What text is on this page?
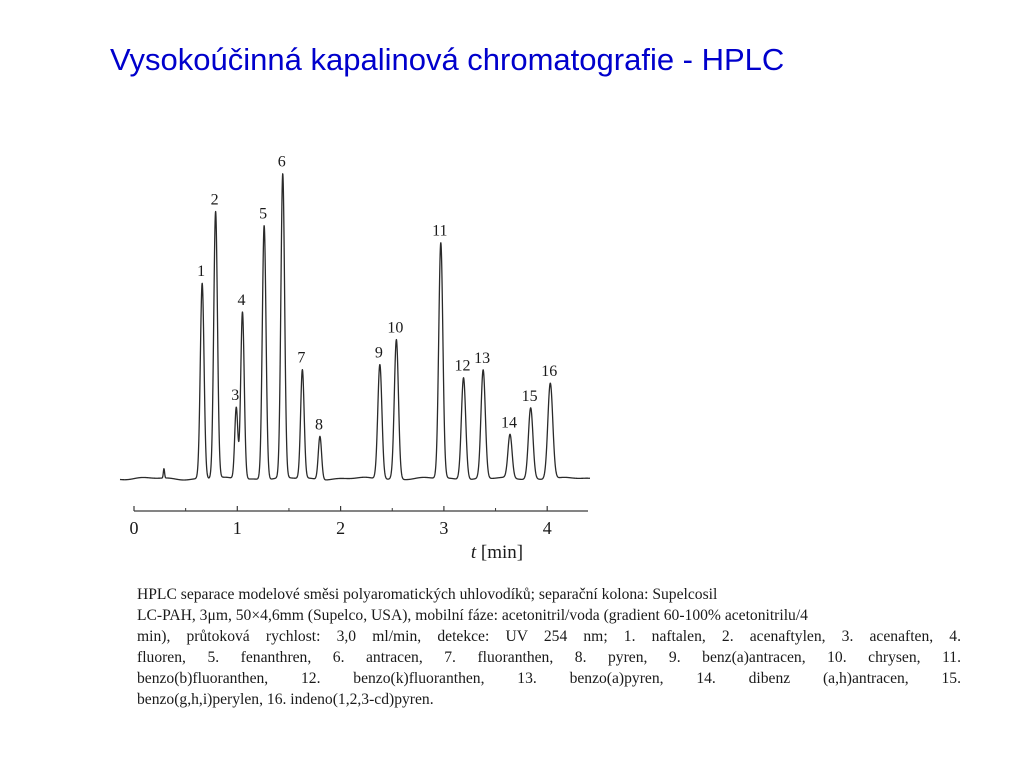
Vysokoúčinná kapalinová chromatografie - HPLC
1
2
3
4
5
6
7
8
9
10
11
12 13
14
15
16
0	1	2	3	4
t [min]
HPLC separace modelové směsi polyaromatických uhlovodíků; separační kolona: Supelcosil
LC-PAH, 3μm, 50×4,6mm (Supelco, USA), mobilní fáze: acetonitril/voda (gradient 60-100% acetonitrilu/4
min), průtoková rychlost: 3,0 ml/min, detekce: UV 254 nm; 1. naftalen, 2. acenaftylen, 3. acenaften, 4.
fluoren, 5. fenanthren, 6. antracen, 7. fluoranthen, 8. pyren, 9. benz(a)antracen, 10. chrysen, 11.
benzo(b)fluoranthen, 12. benzo(k)fluoranthen, 13. benzo(a)pyren, 14. dibenz (a,h)antracen, 15.
benzo(g,h,i)perylen, 16. indeno(1,2,3-cd)pyren.
